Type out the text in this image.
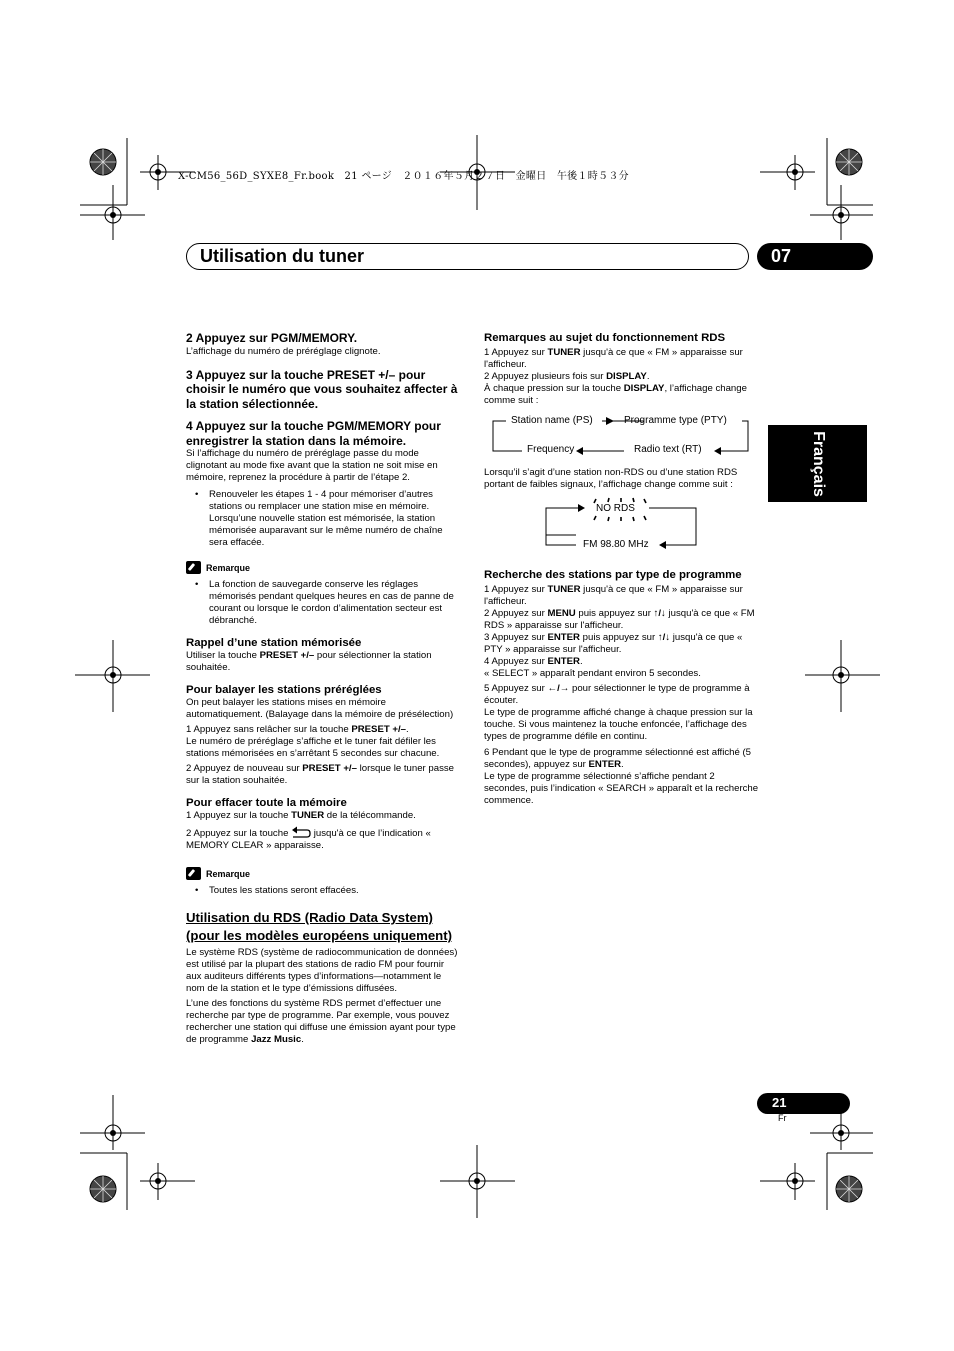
X-CM56_56D_SYXE8_Fr.book　21 ページ　２０１６年５月２７日　金曜日　午後１時５３分
Utilisation du tuner	07
Français

2 Appuyez sur PGM/MEMORY.

L’affichage du numéro de préréglage clignote.

3 Appuyez sur la touche PRESET +/– pour choisir le numéro que vous souhaitez affecter à la station sélectionnée.

4 Appuyez sur la touche PGM/MEMORY pour enregistrer la station dans la mémoire.

Si l’affichage du numéro de préréglage passe du mode clignotant au mode fixe avant que la station ne soit mise en mémoire, reprenez la procédure à partir de l’étape 2.

• Renouveler les étapes 1 - 4 pour mémoriser d’autres stations ou remplacer une station mise en mémoire. Lorsqu’une nouvelle station est mémorisée, la station mémorisée auparavant sur le même numéro de chaîne sera effacée.

Remarque

• La fonction de sauvegarde conserve les réglages mémorisés pendant quelques heures en cas de panne de courant ou lorsque le cordon d’alimentation secteur est débranché.

Rappel d’une station mémorisée

Utiliser la touche PRESET +/– pour sélectionner la station souhaitée.

Pour balayer les stations préréglées

On peut balayer les stations mises en mémoire automatiquement. (Balayage dans la mémoire de présélection)

1 Appuyez sans relâcher sur la touche PRESET +/–.

Le numéro de préréglage s’affiche et le tuner fait défiler les stations mémorisées en s’arrêtant 5 secondes sur chacune.

2 Appuyez de nouveau sur PRESET +/– lorsque le tuner passe sur la station souhaitée.

Pour effacer toute la mémoire

1 Appuyez sur la touche TUNER de la télécommande.

2 Appuyez sur la touche  jusqu'à ce que l’indication « MEMORY CLEAR » apparaisse.

Remarque

• Toutes les stations seront effacées.

Utilisation du RDS (Radio Data System)

(pour les modèles européens uniquement)

Le système RDS (système de radiocommunication de données) est utilisé par la plupart des stations de radio FM pour fournir aux auditeurs différents types d’informations—notamment le nom de la station et le type d’émissions diffusées.

L’une des fonctions du système RDS permet d’effectuer une recherche par type de programme. Par exemple, vous pouvez rechercher une station qui diffuse une émission ayant pour type de programme Jazz Music.

Remarques au sujet du fonctionnement RDS

1 Appuyez sur TUNER jusqu'à ce que « FM » apparaisse sur l'afficheur.

2 Appuyez plusieurs fois sur DISPLAY.

À chaque pression sur la touche DISPLAY, l’affichage change comme suit :

Station name (PS)	Programme type (PTY)
Frequency	Radio text (RT)

Lorsqu’il s’agit d’une station non-RDS ou d’une station RDS portant de faibles signaux, l’affichage change comme suit :

NO RDS
FM 98.80 MHz

Recherche des stations par type de programme

1 Appuyez sur TUNER jusqu'à ce que « FM » apparaisse sur l'afficheur.

2 Appuyez sur MENU puis appuyez sur ↑/↓ jusqu'à ce que « FM RDS » apparaisse sur l'afficheur.

3 Appuyez sur ENTER puis appuyez sur ↑/↓ jusqu'à ce que « PTY » apparaisse sur l'afficheur.

4 Appuyez sur ENTER.

« SELECT » apparaît pendant environ 5 secondes.

5 Appuyez sur ←/→ pour sélectionner le type de programme à écouter.

Le type de programme affiché change à chaque pression sur la touche. Si vous maintenez la touche enfoncée, l’affichage des types de programme défile en continu.

6 Pendant que le type de programme sélectionné est affiché (5 secondes), appuyez sur ENTER.

Le type de programme sélectionné s’affiche pendant 2 secondes, puis l’indication « SEARCH » apparaît et la recherche commence.

21
Fr
